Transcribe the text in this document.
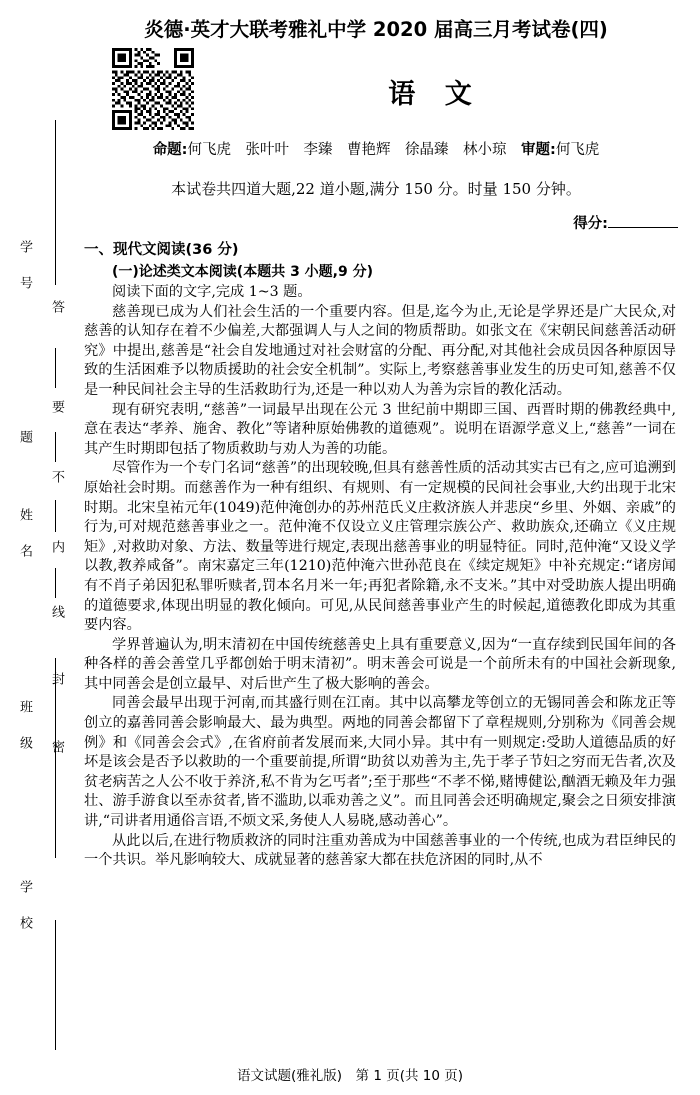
答
要
不
内
线
封
密
学　号
题
姓　名
班　级
学　校
炎德·英才大联考雅礼中学 2020 届高三月考试卷(四)
语 文
命题:何飞虎　张叶叶　李臻　曹艳辉　徐晶臻　林小琼　审题:何飞虎
本试卷共四道大题,22 道小题,满分 150 分。时量 150 分钟。
得分:
一、现代文阅读(36 分)
(一)论述类文本阅读(本题共 3 小题,9 分)

阅读下面的文字,完成 1~3 题。

慈善现已成为人们社会生活的一个重要内容。但是,迄今为止,无论是学界还是广大民众,对慈善的认知存在着不少偏差,大都强调人与人之间的物质帮助。如张文在《宋朝民间慈善活动研究》中提出,慈善是“社会自发地通过对社会财富的分配、再分配,对其他社会成员因各种原因导致的生活困难予以物质援助的社会安全机制”。实际上,考察慈善事业发生的历史可知,慈善不仅是一种民间社会主导的生活救助行为,还是一种以劝人为善为宗旨的教化活动。

现有研究表明,“慈善”一词最早出现在公元 3 世纪前中期即三国、西晋时期的佛教经典中,意在表达“孝养、施舍、教化”等诸种原始佛教的道德观”。说明在语源学意义上,“慈善”一词在其产生时期即包括了物质救助与劝人为善的功能。

尽管作为一个专门名词“慈善”的出现较晚,但具有慈善性质的活动其实古已有之,应可追溯到原始社会时期。而慈善作为一种有组织、有规则、有一定规模的民间社会事业,大约出现于北宋时期。北宋皇祐元年(1049)范仲淹创办的苏州范氏义庄救济族人并悲戾“乡里、外姻、亲戚”的行为,可对规范慈善事业之一。范仲淹不仅设立义庄管理宗族公产、救助族众,还确立《义庄规矩》,对救助对象、方法、数量等进行规定,表现出慈善事业的明显特征。同时,范仲淹“又设义学以教,教养咸备”。南宋嘉定三年(1210)范仲淹六世孙范良在《续定规矩》中补充规定:“诸房闻有不肖子弟因犯私罪听赎者,罚本名月米一年;再犯者除籍,永不支米。”其中对受助族人提出明确的道德要求,体现出明显的教化倾向。可见,从民间慈善事业产生的时候起,道德教化即成为其重要内容。

学界普遍认为,明末清初在中国传统慈善史上具有重要意义,因为“一直存续到民国年间的各种各样的善会善堂几乎都创始于明末清初”。明末善会可说是一个前所未有的中国社会新现象,其中同善会是创立最早、对后世产生了极大影响的善会。

同善会最早出现于河南,而其盛行则在江南。其中以高攀龙等创立的无锡同善会和陈龙正等创立的嘉善同善会影响最大、最为典型。两地的同善会都留下了章程规则,分别称为《同善会规例》和《同善会会式》,在省府前者发展而来,大同小异。其中有一则规定:受助人道德品质的好坏是该会是否予以救助的一个重要前提,所谓“助贫以劝善为主,先于孝子节妇之穷而无告者,次及贫老病苦之人公不收于养济,私不肯为乞丐者”;至于那些“不孝不悌,赌博健讼,酗酒无赖及年力强壮、游手游食以至赤贫者,皆不滥助,以乖劝善之义”。而且同善会还明确规定,聚会之日须安排演讲,“司讲者用通俗言语,不烦文采,务使人人易晓,感动善心”。

从此以后,在进行物质救济的同时注重劝善成为中国慈善事业的一个传统,也成为君臣绅民的一个共识。举凡影响较大、成就显著的慈善家大都在扶危济困的同时,从不

语文试题(雅礼版)　第 1 页(共 10 页)
